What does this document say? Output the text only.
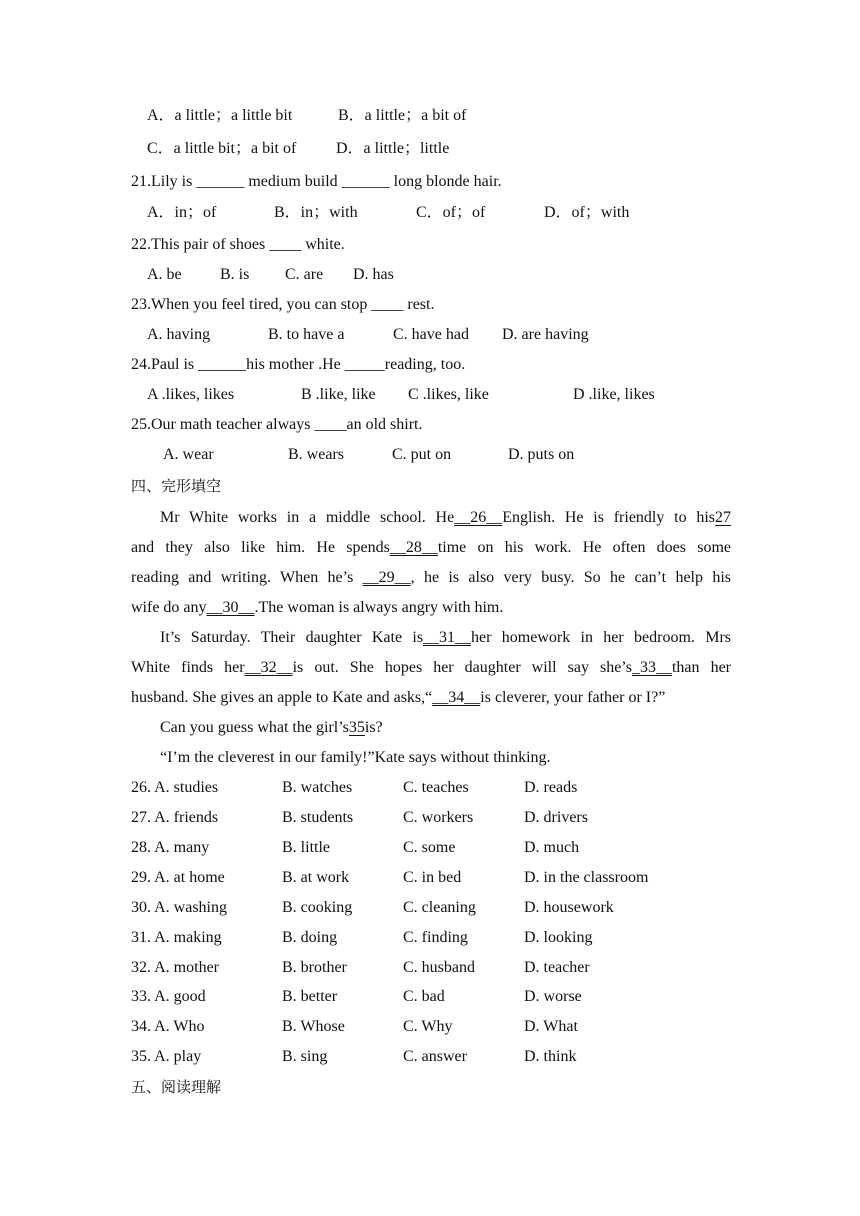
A．a little；a little bit	B．a little；a bit of
C．a little bit；a bit of D．a little；little
21.Lily is ______ medium build ______ long blonde hair.
A．in；of	B．in；with	C．of；of	D．of；with
22.This pair of shoes ____ white.
A. be B. is C. are D. has
23.When you feel tired, you can stop ____ rest.
A. having	B. to have a	C. have had D. are having
24.Paul is ______his mother .He _____reading, too.
A .likes, likes	B .like, like C .likes, like	D .like, likes
25.Our math teacher always ____an old shirt.
A. wear	B. wears	C. put on	D. puts on
四、完形填空
Mr White works in a middle school. He__26__English. He is friendly to his27
and they also like him. He spends__28__time on his work. He often does some
reading and writing. When he’s __29__, he is also very busy. So he can’t help his
wife do any__30__.The woman is always angry with him.
It’s Saturday. Their daughter Kate is__31__her homework in her bedroom. Mrs
White finds her__32__is out. She hopes her daughter will say she’s_33__than her
husband. She gives an apple to Kate and asks,“__34__is cleverer, your father or I?”
Can you guess what the girl’s35is?
“I’m the cleverest in our family!”Kate says without thinking.
26. A. studies	B. watches	C. teaches	D. reads
27. A. friends	B. students	C. workers	D. drivers
28. A. many	B. little	C. some	D. much
29. A. at home	B. at work	C. in bed	D. in the classroom
30. A. washing	B. cooking	C. cleaning	D. housework
31. A. making	B. doing	C. finding	D. looking
32. A. mother	B. brother	C. husband	D. teacher
33. A. good	B. better	C. bad	D. worse
34. A. Who	B. Whose	C. Why	D. What
35. A. play	B. sing	C. answer	D. think
五、阅读理解
